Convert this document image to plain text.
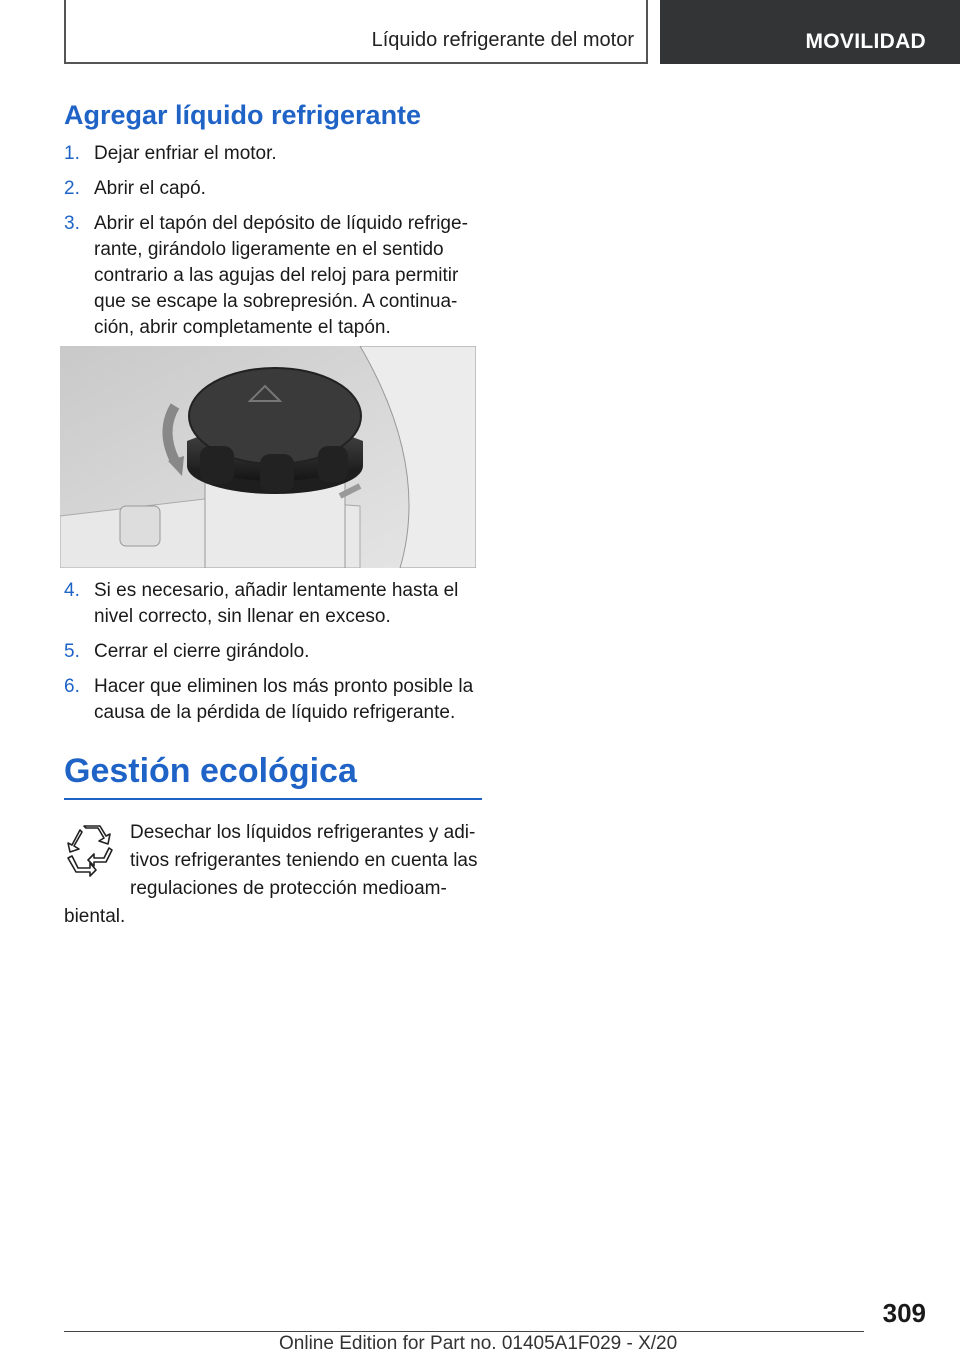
Líquido refrigerante del motor	MOVILIDAD
Agregar líquido refrigerante
1. Dejar enfriar el motor.
2. Abrir el capó.
3. Abrir el tapón del depósito de líquido refrige-rante, girándolo ligeramente en el sentido contrario a las agujas del reloj para permitir que se escape la sobrepresión. A continua-ción, abrir completamente el tapón.
4. Si es necesario, añadir lentamente hasta el nivel correcto, sin llenar en exceso.
5. Cerrar el cierre girándolo.
6. Hacer que eliminen los más pronto posible la causa de la pérdida de líquido refrigerante.
Gestión ecológica

Desechar los líquidos refrigerantes y adi-tivos refrigerantes teniendo en cuenta las regulaciones de protección medioam-biental.

309
Online Edition for Part no. 01405A1F029 - X/20
